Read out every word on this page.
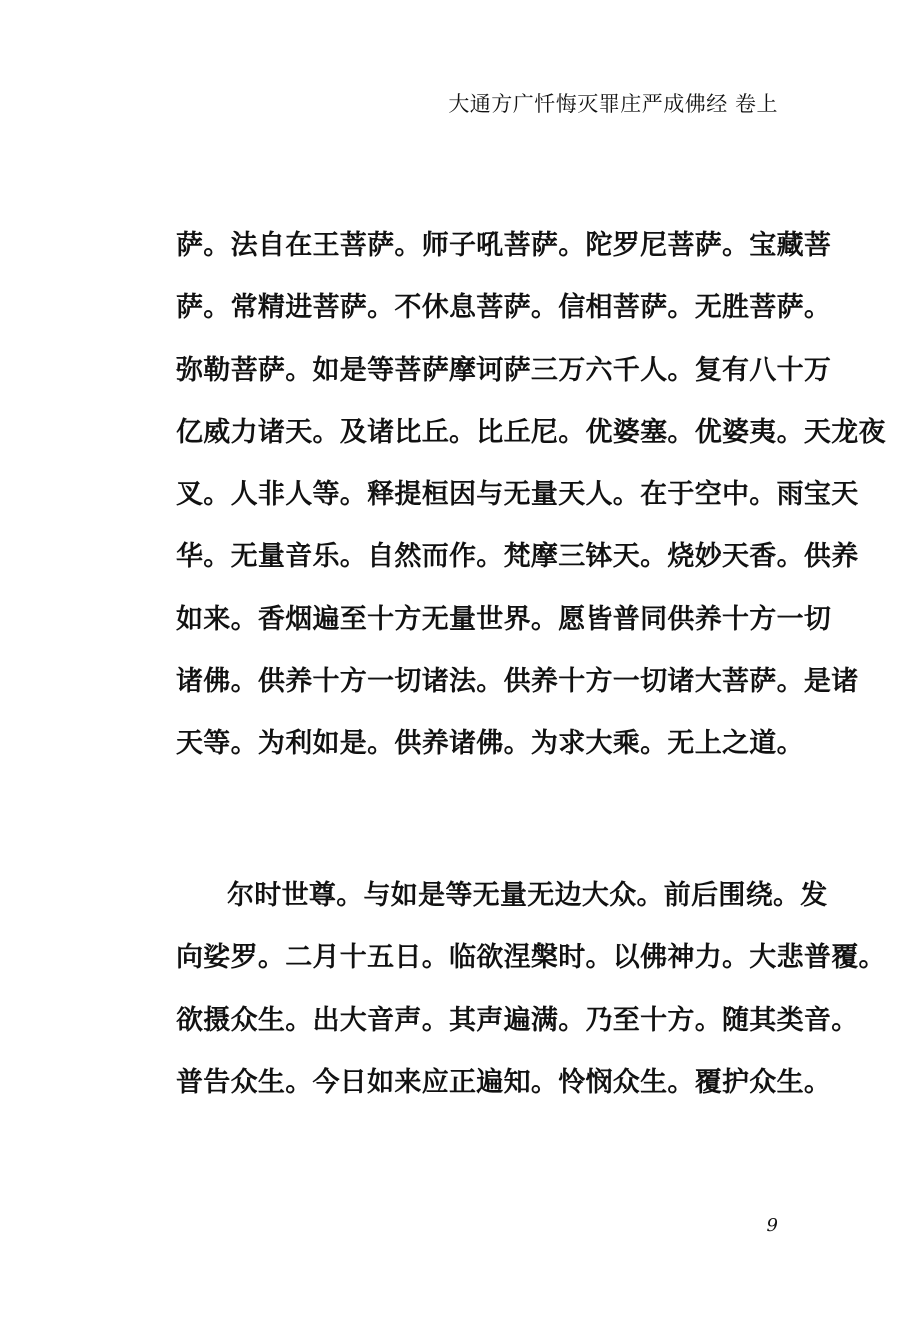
大通方广忏悔灭罪庄严成佛经 卷上
萨。法自在王菩萨。师子吼菩萨。陀罗尼菩萨。宝藏菩
萨。常精进菩萨。不休息菩萨。信相菩萨。无胜菩萨。
弥勒菩萨。如是等菩萨摩诃萨三万六千人。复有八十万
亿威力诸天。及诸比丘。比丘尼。优婆塞。优婆夷。天龙夜
叉。人非人等。释提桓因与无量天人。在于空中。雨宝天
华。无量音乐。自然而作。梵摩三钵天。烧妙天香。供养
如来。香烟遍至十方无量世界。愿皆普同供养十方一切
诸佛。供养十方一切诸法。供养十方一切诸大菩萨。是诸
天等。为利如是。供养诸佛。为求大乘。无上之道。
尔时世尊。与如是等无量无边大众。前后围绕。发
向娑罗。二月十五日。临欲涅槃时。以佛神力。大悲普覆。
欲摄众生。出大音声。其声遍满。乃至十方。随其类音。
普告众生。今日如来应正遍知。怜悯众生。覆护众生。
9
